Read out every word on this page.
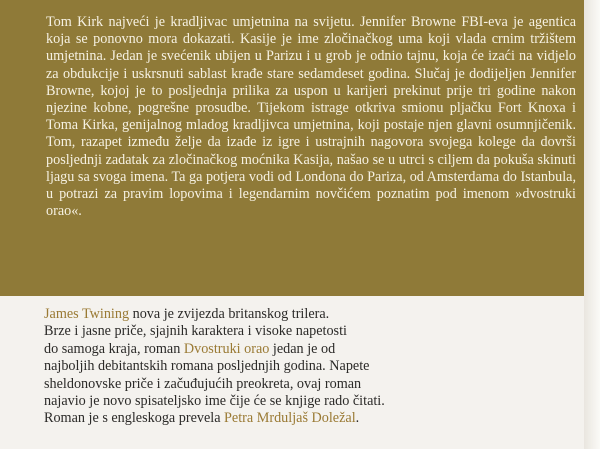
Tom Kirk najveći je kradljivac umjetnina na svijetu. Jennifer Browne FBI-eva je agentica koja se ponovno mora dokazati. Kasije je ime zločinačkog uma koji vlada crnim tržištem umjetnina. Jedan je svećenik ubijen u Parizu i u grob je odnio tajnu, koja će izaći na vidjelo za obdukcije i uskrsnuti sablast krađe stare sedamdeset godina. Slučaj je dodijeljen Jennifer Browne, kojoj je to posljednja prilika za uspon u karijeri prekinut prije tri godine nakon njezine kobne, pogrešne prosudbe. Tijekom istrage otkriva smionu pljačku Fort Knoxa i Toma Kirka, genijalnog mladog kradljivca umjetnina, koji postaje njen glavni osumnjičenik. Tom, razapet između želje da izađe iz igre i ustrajnih nagovora svojega kolege da dovrši posljednji zadatak za zločinačkog moćnika Kasija, našao se u utrci s ciljem da pokuša skinuti ljagu sa svoga imena. Ta ga potjera vodi od Londona do Pariza, od Amsterdama do Istanbula, u potrazi za pravim lopovima i legendarnim novčićem poznatim pod imenom »dvostruki orao«.

James Twining nova je zvijezda britanskog trilera.
Brze i jasne priče, sjajnih karaktera i visoke napetosti
do samoga kraja, roman Dvostruki orao jedan je od
najboljih debitantskih romana posljednjih godina. Napete
sheldonovske priče i začuđujućih preokreta, ovaj roman
najavio je novo spisateljsko ime čije će se knjige rado čitati.
Roman je s engleskoga prevela Petra Mrduljaš Doležal.
